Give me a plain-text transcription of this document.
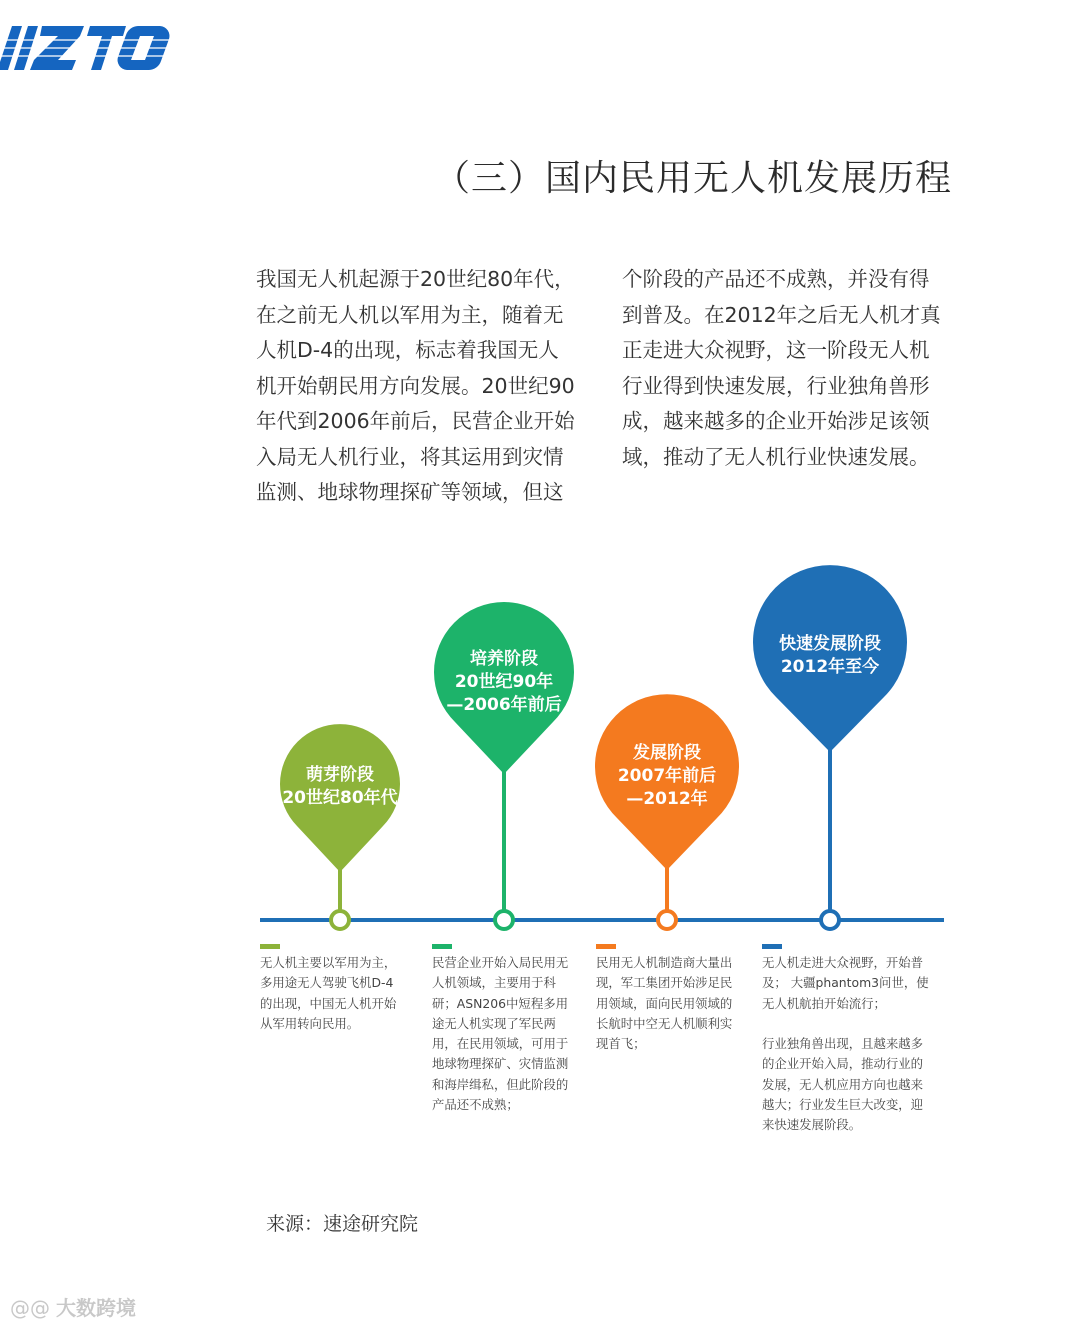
（三）国内民用无人机发展历程
我国无人机起源于20世纪80年代，
在之前无人机以军用为主，随着无
人机D-4的出现，标志着我国无人
机开始朝民用方向发展。20世纪90
年代到2006年前后，民营企业开始
入局无人机行业，将其运用到灾情
监测、地球物理探矿等领域，但这
个阶段的产品还不成熟，并没有得
到普及。在2012年之后无人机才真
正走进大众视野，这一阶段无人机
行业得到快速发展，行业独角兽形
成，越来越多的企业开始涉足该领
域，推动了无人机行业快速发展。
萌芽阶段
20世纪80年代
培养阶段
20世纪90年
—2006年前后
发展阶段
2007年前后
—2012年
快速发展阶段
2012年至今
无人机主要以军用为主，
多用途无人驾驶飞机D-4
的出现，中国无人机开始
从军用转向民用。
民营企业开始入局民用无
人机领域，主要用于科
研；ASN206中短程多用
途无人机实现了军民两
用，在民用领域，可用于
地球物理探矿、灾情监测
和海岸缉私，但此阶段的
产品还不成熟；
民用无人机制造商大量出
现，军工集团开始涉足民
用领域，面向民用领域的
长航时中空无人机顺利实
现首飞；
无人机走进大众视野，开始普
及； 大疆phantom3问世，使
无人机航拍开始流行；
行业独角兽出现，且越来越多
的企业开始入局，推动行业的
发展，无人机应用方向也越来
越大；行业发生巨大改变，迎
来快速发展阶段。
来源：速途研究院
@@ 大数跨境
